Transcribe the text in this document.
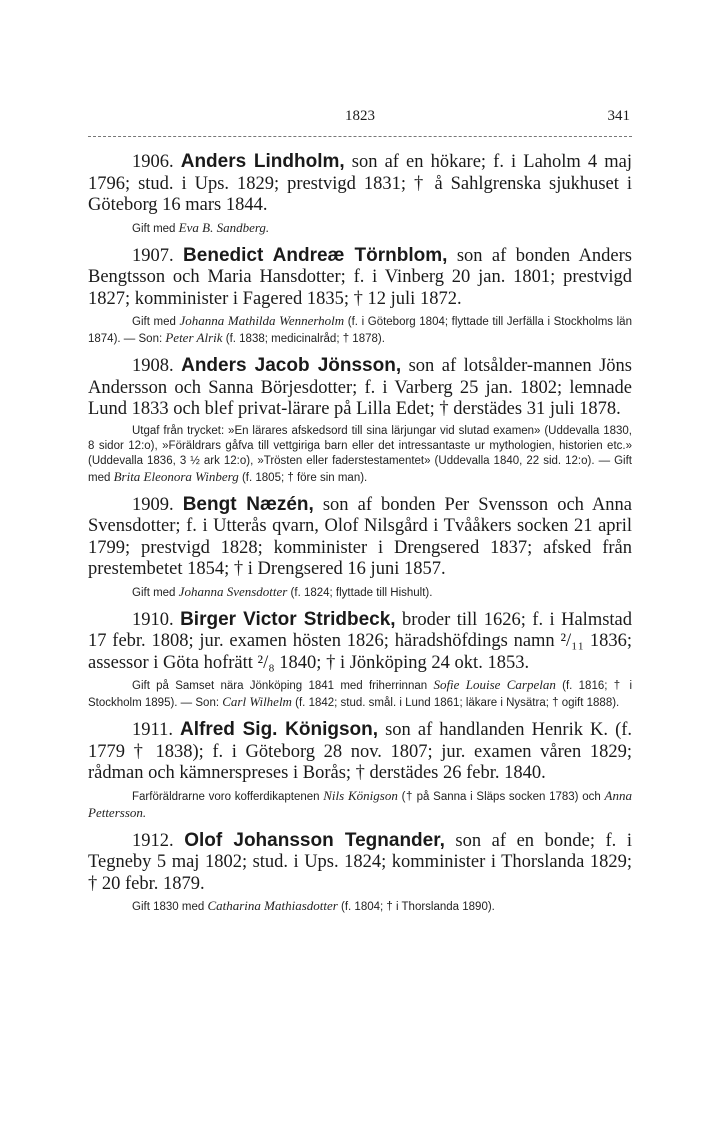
1823	341

1906. Anders Lindholm, son af en hökare; f. i Laholm 4 maj 1796; stud. i Ups. 1829; prestvigd 1831; † å Sahlgrenska sjukhuset i Göteborg 16 mars 1844.

Gift med Eva B. Sandberg.

1907. Benedict Andreæ Törnblom, son af bonden Anders Bengtsson och Maria Hansdotter; f. i Vinberg 20 jan. 1801; prestvigd 1827; komminister i Fagered 1835; † 12 juli 1872.

Gift med Johanna Mathilda Wennerholm (f. i Göteborg 1804; flyttade till Jerfälla i Stockholms län 1874). — Son: Peter Alrik (f. 1838; medicinalråd; † 1878).

1908. Anders Jacob Jönsson, son af lotsålder-mannen Jöns Andersson och Sanna Börjesdotter; f. i Varberg 25 jan. 1802; lemnade Lund 1833 och blef privat-lärare på Lilla Edet; † derstädes 31 juli 1878.

Utgaf från trycket: »En lärares afskedsord till sina lärjungar vid slutad examen» (Uddevalla 1830, 8 sidor 12:o), »Föräldrars gåfva till vettgiriga barn eller det intressantaste ur mythologien, historien etc.» (Uddevalla 1836, 3 ½ ark 12:o), »Trösten eller faderstestamentet» (Uddevalla 1840, 22 sid. 12:o). — Gift med Brita Eleonora Winberg (f. 1805; † före sin man).

1909. Bengt Næzén, son af bonden Per Svensson och Anna Svensdotter; f. i Utterås qvarn, Olof Nilsgård i Tvååkers socken 21 april 1799; prestvigd 1828; komminister i Drengsered 1837; afsked från prestembetet 1854; † i Drengsered 16 juni 1857.

Gift med Johanna Svensdotter (f. 1824; flyttade till Hishult).

1910. Birger Victor Stridbeck, broder till 1626; f. i Halmstad 17 febr. 1808; jur. examen hösten 1826; häradshöfdings namn ²/₁₁ 1836; assessor i Göta hofrätt ²/₈ 1840; † i Jönköping 24 okt. 1853.

Gift på Samset nära Jönköping 1841 med friherrinnan Sofie Louise Carpelan (f. 1816; † i Stockholm 1895). — Son: Carl Wilhelm (f. 1842; stud. smål. i Lund 1861; läkare i Nysätra; † ogift 1888).

1911. Alfred Sig. Königson, son af handlanden Henrik K. (f. 1779 † 1838); f. i Göteborg 28 nov. 1807; jur. examen våren 1829; rådman och kämnerspreses i Borås; † derstädes 26 febr. 1840.

Farföräldrarne voro kofferdikaptenen Nils Königson († på Sanna i Släps socken 1783) och Anna Pettersson.

1912. Olof Johansson Tegnander, son af en bonde; f. i Tegneby 5 maj 1802; stud. i Ups. 1824; komminister i Thorslanda 1829; † 20 febr. 1879.

Gift 1830 med Catharina Mathiasdotter (f. 1804; † i Thorslanda 1890).
